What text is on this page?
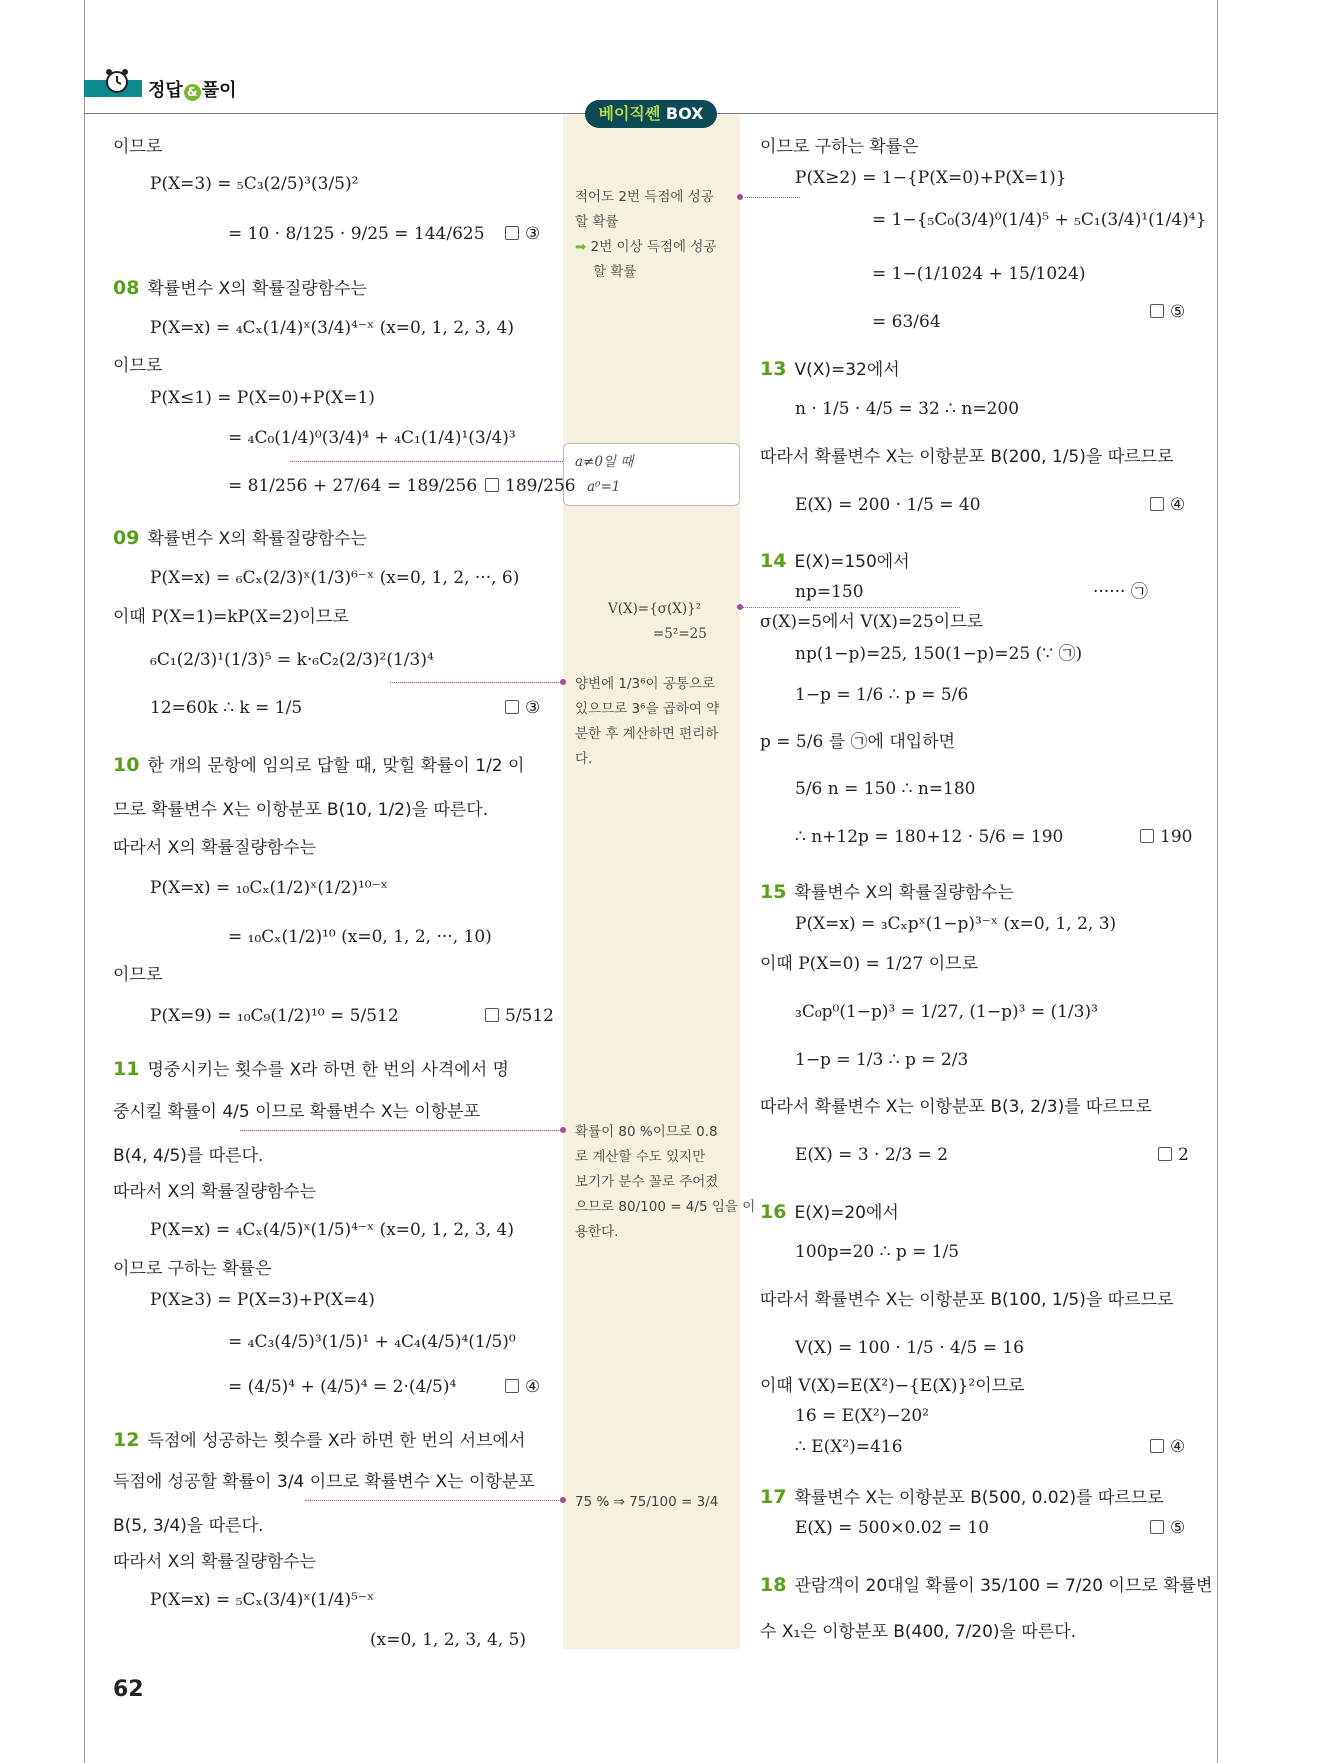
정답 & 풀이
베이직쎈 BOX
적어도 2번 득점에 성공
할 확률
➡ 2번 이상 득점에 성공
할 확률
a≠0일 때
a⁰=1
V(X)={σ(X)}²
=5²=25
양변에 1/3⁶이 공통으로
있으므로 3⁶을 곱하여 약
분한 후 계산하면 편리하
다.
확률이 80 %이므로 0.8
로 계산할 수도 있지만
보기가 분수 꼴로 주어졌
으므로 80/100 = 4/5 임을 이
용한다.
75 % ⇒ 75/100 = 3/4
이므로
P(X=3) = ₅C₃(2/5)³(3/5)²
= 10 · 8/125 · 9/25 = 144/625	③
08 확률변수 X의 확률질량함수는
P(X=x) = ₄Cₓ(1/4)ˣ(3/4)⁴⁻ˣ (x=0, 1, 2, 3, 4)
이므로
P(X≤1) = P(X=0)+P(X=1)
= ₄C₀(1/4)⁰(3/4)⁴ + ₄C₁(1/4)¹(3/4)³
= 81/256 + 27/64 = 189/256	189/256
09 확률변수 X의 확률질량함수는
P(X=x) = ₆Cₓ(2/3)ˣ(1/3)⁶⁻ˣ (x=0, 1, 2, ···, 6)
이때 P(X=1)=kP(X=2)이므로
₆C₁(2/3)¹(1/3)⁵ = k·₆C₂(2/3)²(1/3)⁴
12=60k ∴ k = 1/5	③
10 한 개의 문항에 임의로 답할 때, 맞힐 확률이 1/2 이
므로 확률변수 X는 이항분포 B(10, 1/2)을 따른다.
따라서 X의 확률질량함수는
P(X=x) = ₁₀Cₓ(1/2)ˣ(1/2)¹⁰⁻ˣ
= ₁₀Cₓ(1/2)¹⁰ (x=0, 1, 2, ···, 10)
이므로
P(X=9) = ₁₀C₉(1/2)¹⁰ = 5/512	5/512
11 명중시키는 횟수를 X라 하면 한 번의 사격에서 명
중시킬 확률이 4/5 이므로 확률변수 X는 이항분포
B(4, 4/5)를 따른다.
따라서 X의 확률질량함수는
P(X=x) = ₄Cₓ(4/5)ˣ(1/5)⁴⁻ˣ (x=0, 1, 2, 3, 4)
이므로 구하는 확률은
P(X≥3) = P(X=3)+P(X=4)
= ₄C₃(4/5)³(1/5)¹ + ₄C₄(4/5)⁴(1/5)⁰
= (4/5)⁴ + (4/5)⁴ = 2·(4/5)⁴	④
12 득점에 성공하는 횟수를 X라 하면 한 번의 서브에서
득점에 성공할 확률이 3/4 이므로 확률변수 X는 이항분포
B(5, 3/4)을 따른다.
따라서 X의 확률질량함수는
P(X=x) = ₅Cₓ(3/4)ˣ(1/4)⁵⁻ˣ
(x=0, 1, 2, 3, 4, 5)
이므로 구하는 확률은
P(X≥2) = 1−{P(X=0)+P(X=1)}
= 1−{₅C₀(3/4)⁰(1/4)⁵ + ₅C₁(3/4)¹(1/4)⁴}
= 1−(1/1024 + 15/1024)
= 63/64	⑤
13 V(X)=32에서
n · 1/5 · 4/5 = 32 ∴ n=200
따라서 확률변수 X는 이항분포 B(200, 1/5)을 따르므로
E(X) = 200 · 1/5 = 40	④
14 E(X)=150에서
np=150	······ ㉠
σ(X)=5에서 V(X)=25이므로
np(1−p)=25, 150(1−p)=25 (∵ ㉠)
1−p = 1/6 ∴ p = 5/6
p = 5/6 를 ㉠에 대입하면
5/6 n = 150 ∴ n=180
∴ n+12p = 180+12 · 5/6 = 190	190
15 확률변수 X의 확률질량함수는
P(X=x) = ₃Cₓpˣ(1−p)³⁻ˣ (x=0, 1, 2, 3)
이때 P(X=0) = 1/27 이므로
₃C₀p⁰(1−p)³ = 1/27, (1−p)³ = (1/3)³
1−p = 1/3 ∴ p = 2/3
따라서 확률변수 X는 이항분포 B(3, 2/3)를 따르므로
E(X) = 3 · 2/3 = 2	2
16 E(X)=20에서
100p=20 ∴ p = 1/5
따라서 확률변수 X는 이항분포 B(100, 1/5)을 따르므로
V(X) = 100 · 1/5 · 4/5 = 16
이때 V(X)=E(X²)−{E(X)}²이므로
16 = E(X²)−20²
∴ E(X²)=416	④
17 확률변수 X는 이항분포 B(500, 0.02)를 따르므로
E(X) = 500×0.02 = 10	⑤
18 관람객이 20대일 확률이 35/100 = 7/20 이므로 확률변
수 X₁은 이항분포 B(400, 7/20)을 따른다.
62
